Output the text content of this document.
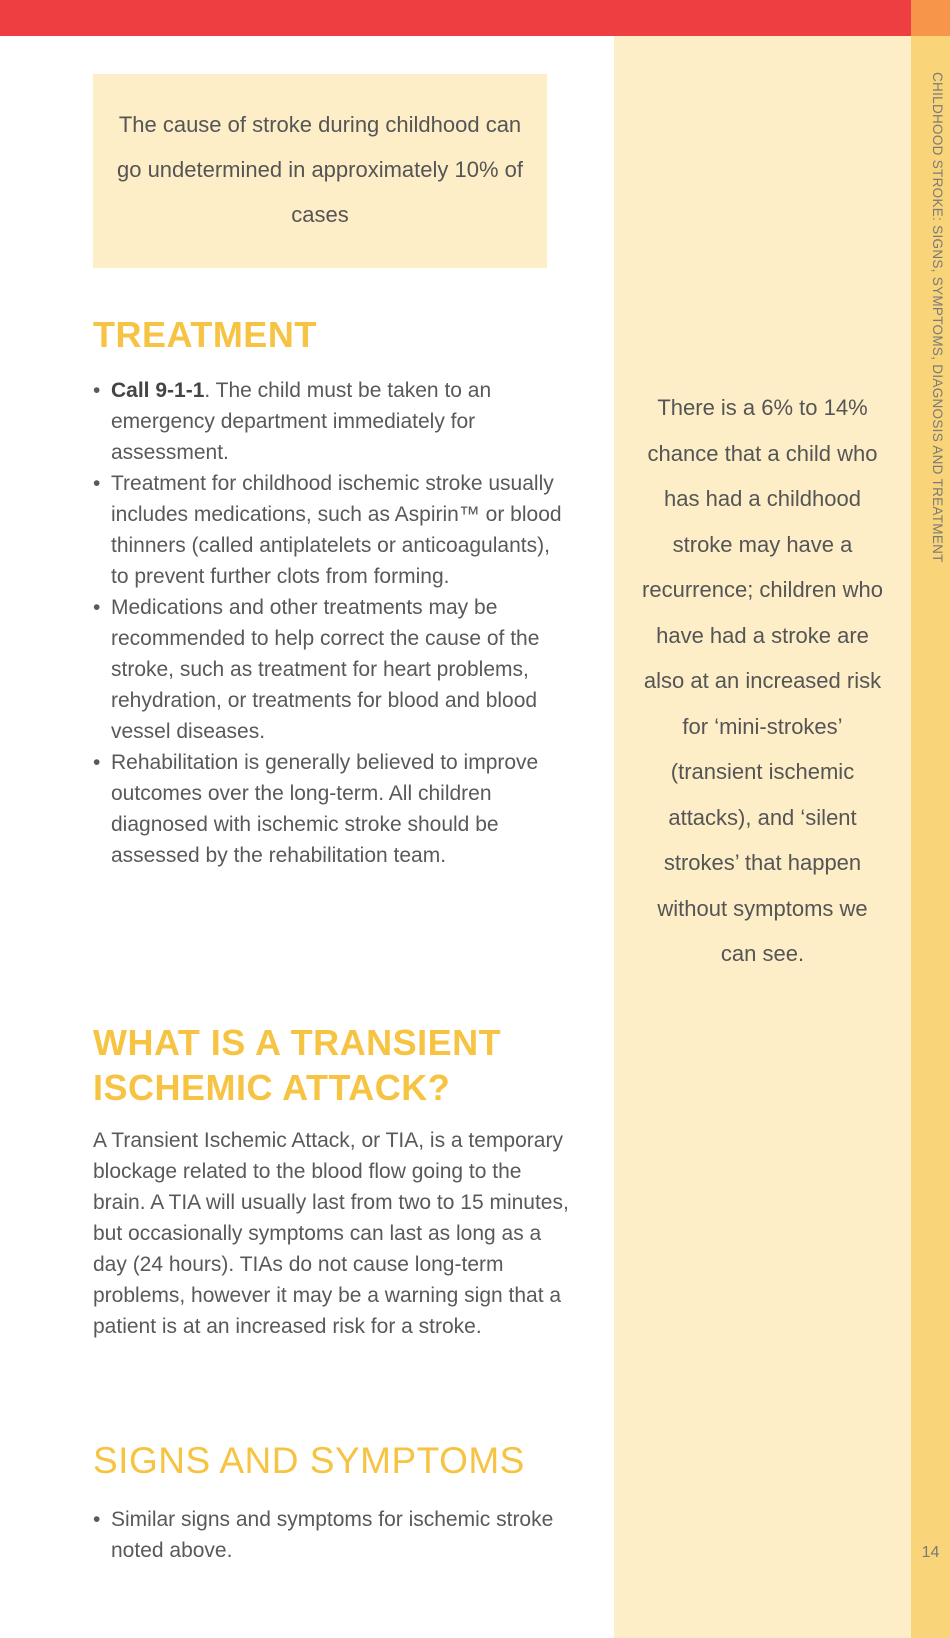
CHILDHOOD STROKE: SIGNS, SYMPTOMS, DIAGNOSIS AND TREATMENT
14
The cause of stroke during childhood can go undetermined in approximately 10% of cases
TREATMENT
• Call 9-1-1. The child must be taken to an emergency department immediately for assessment.
• Treatment for childhood ischemic stroke usually includes medications, such as Aspirin™ or blood thinners (called antiplatelets or anticoagulants), to prevent further clots from forming.
• Medications and other treatments may be recommended to help correct the cause of the stroke, such as treatment for heart problems, rehydration, or treatments for blood and blood vessel diseases.
• Rehabilitation is generally believed to improve outcomes over the long-term. All children diagnosed with ischemic stroke should be assessed by the rehabilitation team.
WHAT IS A TRANSIENT ISCHEMIC ATTACK?

A Transient Ischemic Attack, or TIA, is a temporary blockage related to the blood flow going to the brain. A TIA will usually last from two to 15 minutes, but occasionally symptoms can last as long as a day (24 hours). TIAs do not cause long-term problems, however it may be a warning sign that a patient is at an increased risk for a stroke.

SIGNS AND SYMPTOMS
• Similar signs and symptoms for ischemic stroke noted above.

There is a 6% to 14% chance that a child who has had a childhood stroke may have a recurrence; children who have had a stroke are also at an increased risk for ‘mini-strokes’ (transient ischemic attacks), and ‘silent strokes’ that happen without symptoms we can see.
